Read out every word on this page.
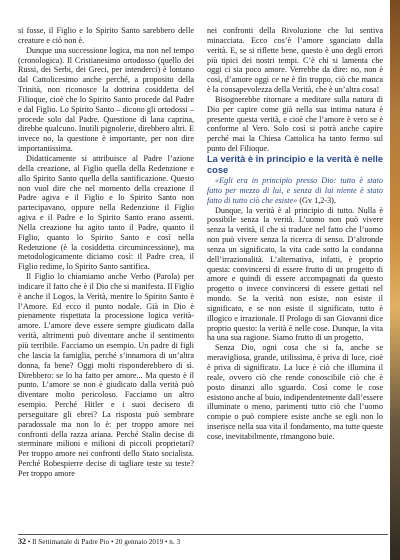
si fosse, il Figlio e lo Spirito Santo sarebbero delle creature e ciò non è.

Dunque una successione logica, ma non nel tempo (cronologica). Il Cristianesimo ortodosso (quello dei Russi, dei Serbi, dei Greci, per intenderci) è lontano dal Cattolicesimo anche perché, a proposito della Trinità, non riconosce la dottrina cosiddetta del Filioque, cioè che lo Spirito Santo procede dal Padre e dal Figlio. Lo Spirito Santo – dicono gli ortodossi – procede solo dal Padre. Questione di lana caprina, direbbe qualcuno. Inutili pignolerie, direbbero altri. E invece no, la questione è importante, per non dire importantissima.

Didatticamente si attribuisce al Padre l’azione della creazione, al Figlio quella della Redenzione e allo Spirito Santo quella della santificazione. Questo non vuol dire che nel momento della creazione il Padre agiva e il Figlio e lo Spirito Santo non partecipavano, oppure nella Redenzione il Figlio agiva e il Padre e lo Spirito Santo erano assenti. Nella creazione ha agito tanto il Padre, quanto il Figlio, quanto lo Spirito Santo e così nella Redenzione (è la cosiddetta circumincessione), ma metodologicamente diciamo così: il Padre crea, il Figlio redime, lo Spirito Santo santifica.

Il Figlio lo chiamiamo anche Verbo (Parola) per indicare il fatto che è il Dio che si manifesta. Il Figlio è anche il Logos, la Verità, mentre lo Spirito Santo è l’Amore. Ed ecco il punto nodale. Già in Dio è pienamente rispettata la processione logica verità-amore. L’amore deve essere sempre giudicato dalla verità, altrimenti può diventare anche il sentimento più terribile. Facciamo un esempio. Un padre di figli che lascia la famiglia, perché s’innamora di un’altra donna, fa bene? Oggi molti risponderebbero di sì. Direbbero: se lo ha fatto per amore... Ma questo è il punto. L’amore se non è giudicato dalla verità può diventare molto pericoloso. Facciamo un altro esempio. Perché Hitler e i suoi decisero di perseguitare gli ebrei? La risposta può sembrare paradossale ma non lo è: per troppo amore nei confronti della razza ariana. Perché Stalin decise di sterminare milioni e milioni di piccoli proprietari? Per troppo amore nei confronti dello Stato socialista. Perché Robespierre decise di tagliare teste su teste? Per troppo amore

nei confronti della Rivoluzione che lui sentiva minacciata. Ecco cos’è l’amore sganciato dalla verità. E, se si riflette bene, questo è uno degli errori più tipici dei nostri tempi. C’è chi si lamenta che oggi ci sia poco amore. Verrebbe da dire: no, non è così, d’amore oggi ce ne è fin troppo, ciò che manca è la consapevolezza della Verità, che è un’altra cosa!

Bisognerebbe ritornare a meditare sulla natura di Dio per capire come già nella sua intima natura è presente questa verità, e cioè che l’amore è vero se è conforme al Vero. Solo così si potrà anche capire perché mai la Chiesa Cattolica ha tanto fermo sul punto del Filioque.

La verità è in principio e la verità è nelle cose

«Egli era in principio presso Dio: tutto è stato fatto per mezzo di lui, e senza di lui niente è stato fatto di tutto ciò che esiste» (Gv 1,2-3).

Dunque, la verità è al principio di tutto. Nulla è possibile senza la verità. L’uomo non può vivere senza la verità, il che si traduce nel fatto che l’uomo non può vivere senza la ricerca di senso. D’altronde senza un significato, la vita cade sotto la condanna dell’irrazionalità. L’alternativa, infatti, è proprio questa: convincersi di essere frutto di un progetto di amore e quindi di essere accompagnati da questo progetto o invece convincersi di essere gettati nel mondo. Se la verità non esiste, non esiste il significato, e se non esiste il significato, tutto è illogico e irrazionale. Il Prologo di san Giovanni dice proprio questo: la verità è nelle cose. Dunque, la vita ha una sua ragione. Siamo frutto di un progetto.

Senza Dio, ogni cosa che si fa, anche se meravigliosa, grande, utilissima, è priva di luce, cioè è priva di significato. La luce è ciò che illumina il reale, ovvero ciò che rende conoscibile ciò che è posto dinanzi allo sguardo. Così come le cose esistono anche al buio, indipendentemente dall’essere illuminate o meno, parimenti tutto ciò che l’uomo compie o può compiere esiste anche se egli non lo inserisce nella sua vita il fondamento, ma tutte queste cose, inevitabilmente, rimangono buie.

32 • Il Settimanale di Padre Pio • 20 gennaio 2019 • n. 3
